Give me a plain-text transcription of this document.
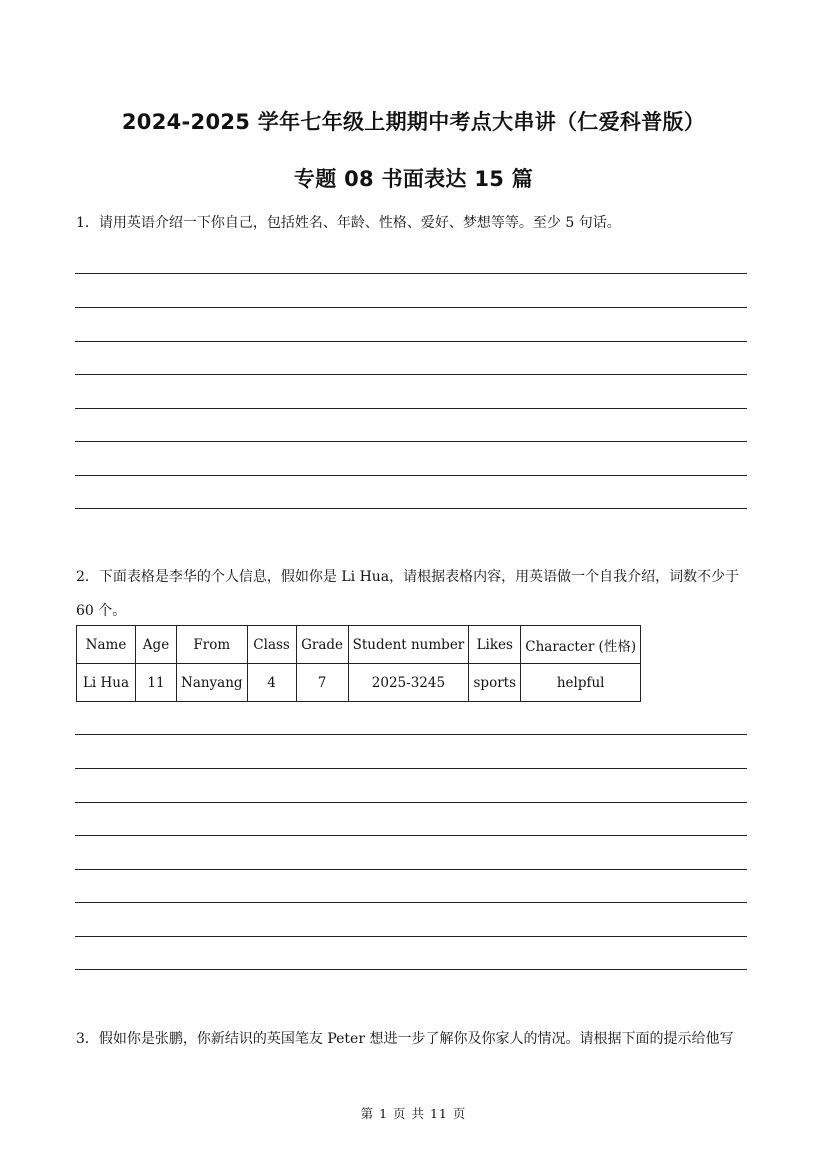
2024-2025 学年七年级上期期中考点大串讲（仁爱科普版）
专题 08 书面表达 15 篇
1．请用英语介绍一下你自己，包括姓名、年龄、性格、爱好、梦想等等。至少 5 句话。
2．下面表格是李华的个人信息，假如你是 Li Hua，请根据表格内容，用英语做一个自我介绍，词数不少于 60 个。
Name	Age	From	Class	Grade	Student number	Likes	Character (性格)
Li Hua	11	Nanyang	4	7	2025-3245	sports	helpful
3．假如你是张鹏，你新结识的英国笔友 Peter 想进一步了解你及你家人的情况。请根据下面的提示给他写
第 1 页 共 11 页
